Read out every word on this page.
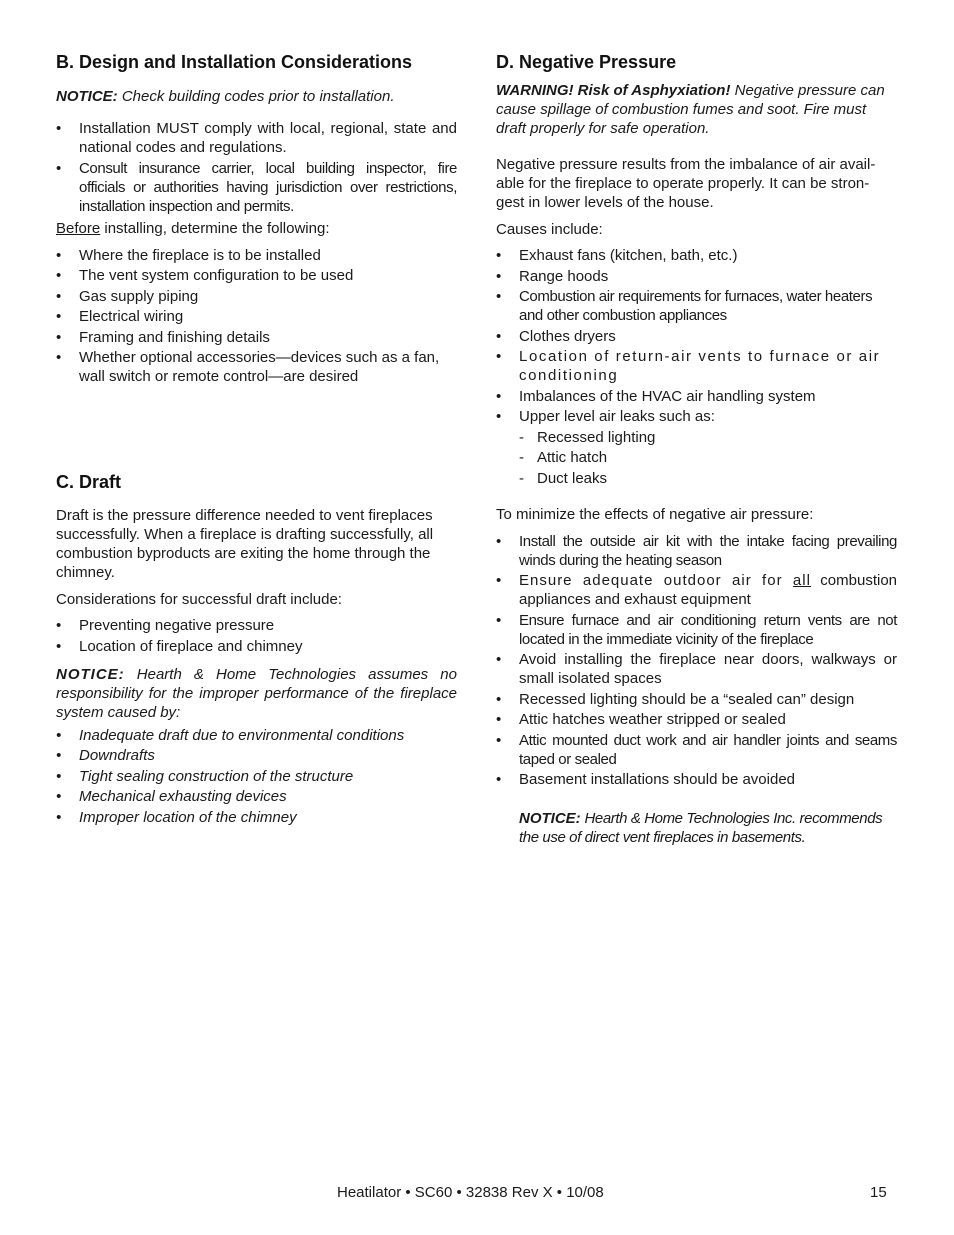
B. Design and Installation Considerations

NOTICE: Check building codes prior to installation.

• Installation MUST comply with local, regional, state and national codes and regulations.
• Consult insurance carrier, local building inspector, fire officials or authorities having jurisdiction over restrictions, installation inspection and permits.

Before installing, determine the following:

• Where the fireplace is to be installed
• The vent system configuration to be used
• Gas supply piping
• Electrical wiring
• Framing and finishing details
• Whether optional accessories—devices such as a fan, wall switch or remote control—are desired
C. Draft

Draft is the pressure difference needed to vent fireplaces successfully. When a fireplace is drafting successfully, all combustion byproducts are exiting the home through the chimney.

Considerations for successful draft include:

• Preventing negative pressure
• Location of fireplace and chimney

NOTICE: Hearth & Home Technologies assumes no responsibility for the improper performance of the fireplace system caused by:

• Inadequate draft due to environmental conditions
• Downdrafts
• Tight sealing construction of the structure
• Mechanical exhausting devices
• Improper location of the chimney
D. Negative Pressure

WARNING! Risk of Asphyxiation! Negative pressure can cause spillage of combustion fumes and soot. Fire must draft properly for safe operation.

Negative pressure results from the imbalance of air avail-able for the fireplace to operate properly. It can be stron-gest in lower levels of the house.

Causes include:

• Exhaust fans (kitchen, bath, etc.)
• Range hoods
• Combustion air requirements for furnaces, water heaters and other combustion appliances
• Clothes dryers
• Location of return-air vents to furnace or air conditioning
• Imbalances of the HVAC air handling system
• Upper level air leaks such as:
- Recessed lighting
- Attic hatch
- Duct leaks

To minimize the effects of negative air pressure:

• Install the outside air kit with the intake facing prevailing winds during the heating season
• Ensure adequate outdoor air for all combustion appliances and exhaust equipment
• Ensure furnace and air conditioning return vents are not located in the immediate vicinity of the fireplace
• Avoid installing the fireplace near doors, walkways or small isolated spaces
• Recessed lighting should be a “sealed can” design
• Attic hatches weather stripped or sealed
• Attic mounted duct work and air handler joints and seams taped or sealed
• Basement installations should be avoided

NOTICE: Hearth & Home Technologies Inc. recommends the use of direct vent fireplaces in basements.

Heatilator • SC60 • 32838 Rev X • 10/08	15
